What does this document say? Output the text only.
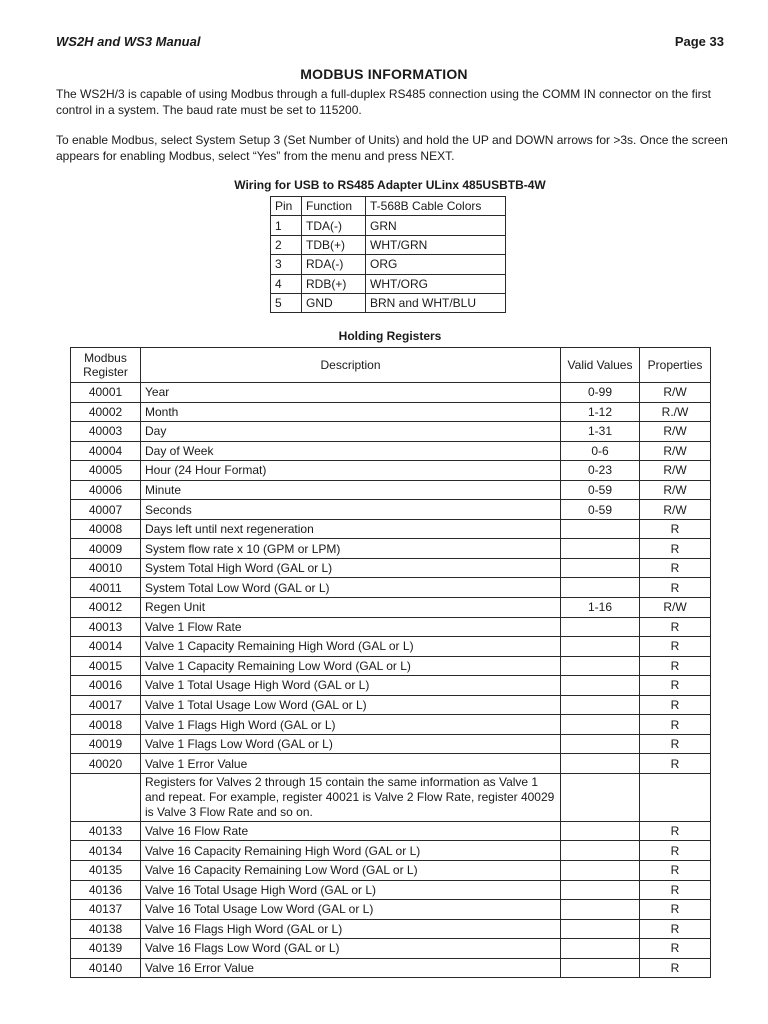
WS2H and WS3 Manual	Page 33
MODBUS INFORMATION
The WS2H/3 is capable of using Modbus through a full-duplex RS485 connection using the COMM IN connector on the first control in a system. The baud rate must be set to 115200.
To enable Modbus, select System Setup 3 (Set Number of Units) and hold the UP and DOWN arrows for >3s. Once the screen appears for enabling Modbus, select “Yes” from the menu and press NEXT.
Wiring for USB to RS485 Adapter ULinx 485USBTB-4W
Pin	Function	T-568B Cable Colors
1	TDA(-)	GRN
2	TDB(+)	WHT/GRN
3	RDA(-)	ORG
4	RDB(+)	WHT/ORG
5	GND	BRN and WHT/BLU
Holding Registers
Modbus Register	Description	Valid Values	Properties
40001	Year	0-99	R/W
40002	Month	1-12	R./W
40003	Day	1-31	R/W
40004	Day of Week	0-6	R/W
40005	Hour (24 Hour Format)	0-23	R/W
40006	Minute	0-59	R/W
40007	Seconds	0-59	R/W
40008	Days left until next regeneration		R
40009	System flow rate x 10 (GPM or LPM)		R
40010	System Total High Word (GAL or L)		R
40011	System Total Low Word (GAL or L)		R
40012	Regen Unit	1-16	R/W
40013	Valve 1 Flow Rate		R
40014	Valve 1 Capacity Remaining High Word (GAL or L)		R
40015	Valve 1 Capacity Remaining Low Word (GAL or L)		R
40016	Valve 1 Total Usage High Word (GAL or L)		R
40017	Valve 1 Total Usage Low Word (GAL or L)		R
40018	Valve 1 Flags High Word (GAL or L)		R
40019	Valve 1 Flags Low Word (GAL or L)		R
40020	Valve 1 Error Value		R
	Registers for Valves 2 through 15 contain the same information as Valve 1 and repeat. For example, register 40021 is Valve 2 Flow Rate, register 40029 is Valve 3 Flow Rate and so on.		
40133	Valve 16 Flow Rate		R
40134	Valve 16 Capacity Remaining High Word (GAL or L)		R
40135	Valve 16 Capacity Remaining Low Word (GAL or L)		R
40136	Valve 16 Total Usage High Word (GAL or L)		R
40137	Valve 16 Total Usage Low Word (GAL or L)		R
40138	Valve 16 Flags High Word (GAL or L)		R
40139	Valve 16 Flags Low Word (GAL or L)		R
40140	Valve 16 Error Value		R
